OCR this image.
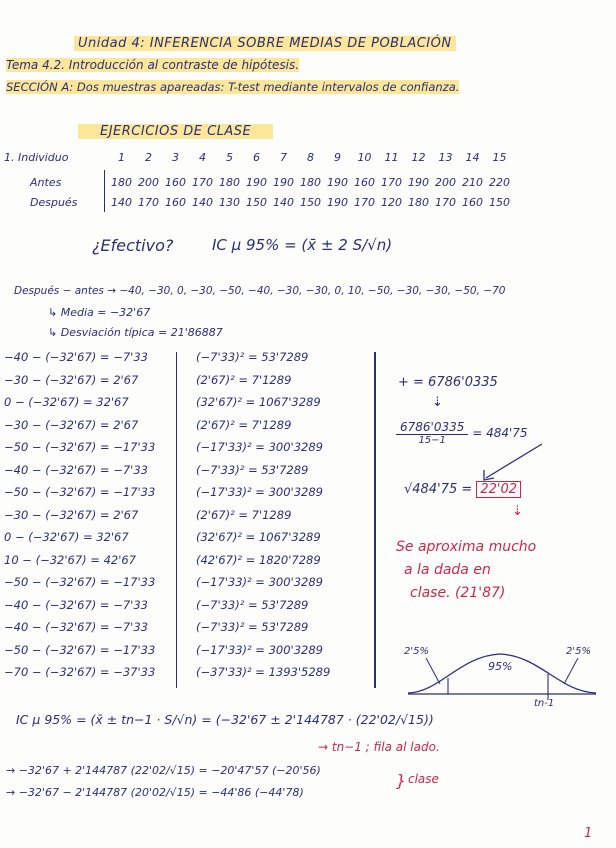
Unidad 4: INFERENCIA SOBRE MEDIAS DE POBLACIÓN
Tema 4.2. Introducción al contraste de hipótesis.
SECCIÓN A: Dos muestras apareadas: T-test mediante intervalos de confianza.
EJERCICIOS DE CLASE
1. Individuo
Antes
Después
1 2 3 4 5 6 7 8 9 10 11 12 13 14 15
180 200 160 170 180 190 190 180 190 160 170 190 200 210 220
140 170 160 140 130 150 140 150 190 170 120 180 170 160 150
¿Efectivo?	IC μ 95% = (x̄ ± 2 S/√n)
Después − antes → −40, −30, 0, −30, −50, −40, −30, −30, 0, 10, −50, −30, −30, −50, −70
↳ Media = −32'67
↳ Desviación típica = 21'86887
−40 − (−32'67) = −7'33
−30 − (−32'67) = 2'67
0 − (−32'67) = 32'67
−30 − (−32'67) = 2'67
−50 − (−32'67) = −17'33
−40 − (−32'67) = −7'33
−50 − (−32'67) = −17'33
−30 − (−32'67) = 2'67
0 − (−32'67) = 32'67
10 − (−32'67) = 42'67
−50 − (−32'67) = −17'33
−40 − (−32'67) = −7'33
−40 − (−32'67) = −7'33
−50 − (−32'67) = −17'33
−70 − (−32'67) = −37'33
(−7'33)² = 53'7289
(2'67)² = 7'1289
(32'67)² = 1067'3289
(2'67)² = 7'1289
(−17'33)² = 300'3289
(−7'33)² = 53'7289
(−17'33)² = 300'3289
(2'67)² = 7'1289
(32'67)² = 1067'3289
(42'67)² = 1820'7289
(−17'33)² = 300'3289
(−7'33)² = 53'7289
(−7'33)² = 53'7289
(−17'33)² = 300'3289
(−37'33)² = 1393'5289
+ = 6786'0335
⇣
6786'0335
15−1
= 484'75
√484'75 = 22'02
⇣
Se aproxima mucho
a la dada en
clase. (21'87)
2'5%
95%
2'5%
tn-1
IC μ 95% = (x̄ ± tn−1 · S/√n) = (−32'67 ± 2'144787 · (22'02/√15))
→ tn−1 ; fila al lado.
→ −32'67 + 2'144787 (22'02/√15) = −20'47'57 (−20'56)
→ −32'67 − 2'144787 (20'02/√15) = −44'86 (−44'78)
} clase
1
